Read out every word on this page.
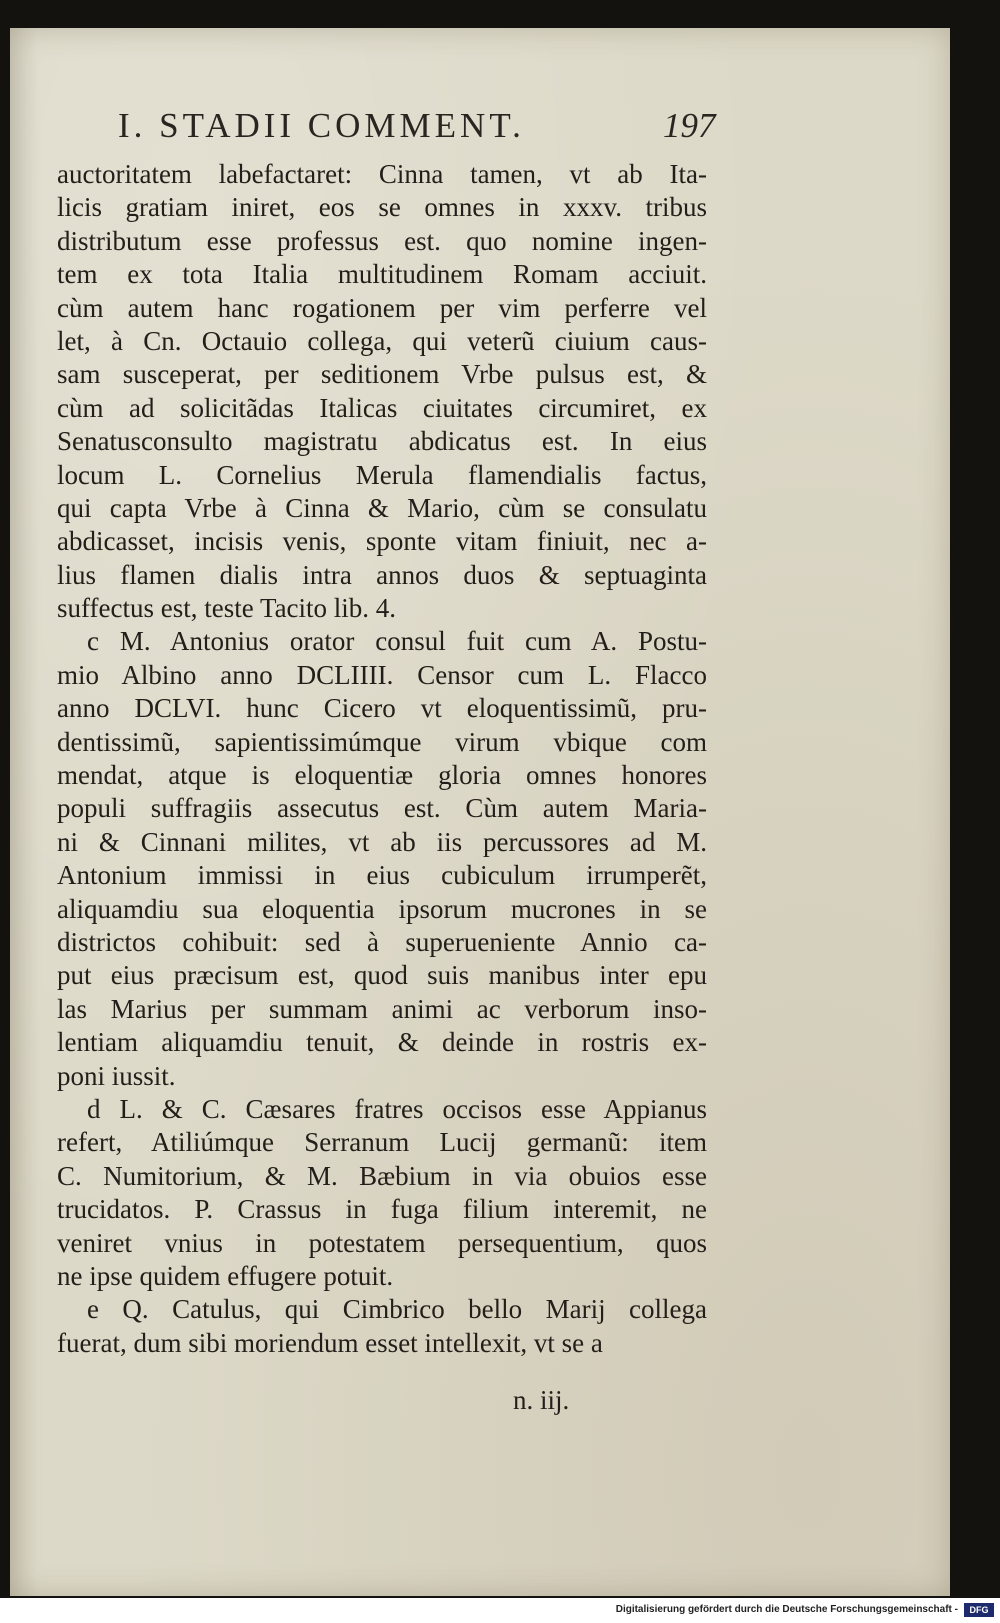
I. STADII COMMENT.	197
auctoritatem labefactaret: Cinna tamen, vt ab Ita-
licis gratiam iniret, eos se omnes in xxxv. tribus
distributum esse professus est. quo nomine ingen-
tem ex tota Italia multitudinem Romam acciuit.
cùm autem hanc rogationem per vim perferre vel
let, à Cn. Octauio collega, qui veterũ ciuium caus-
sam susceperat, per seditionem Vrbe pulsus est, &
cùm ad solicitãdas Italicas ciuitates circumiret, ex
Senatusconsulto magistratu abdicatus est. In eius
locum L. Cornelius Merula flamendialis factus,
qui capta Vrbe à Cinna & Mario, cùm se consulatu
abdicasset, incisis venis, sponte vitam finiuit, nec a-
lius flamen dialis intra annos duos & septuaginta
suffectus est, teste Tacito lib. 4.
c M. Antonius orator consul fuit cum A. Postu-
mio Albino anno DCLIIII. Censor cum L. Flacco
anno DCLVI. hunc Cicero vt eloquentissimũ, pru-
dentissimũ, sapientissimúmque virum vbique com
mendat, atque is eloquentiæ gloria omnes honores
populi suffragiis assecutus est. Cùm autem Maria-
ni & Cinnani milites, vt ab iis percussores ad M.
Antonium immissi in eius cubiculum irrumperẽt,
aliquamdiu sua eloquentia ipsorum mucrones in se
districtos cohibuit: sed à superueniente Annio ca-
put eius præcisum est, quod suis manibus inter epu
las Marius per summam animi ac verborum inso-
lentiam aliquamdiu tenuit, & deinde in rostris ex-
poni iussit.
d L. & C. Cæsares fratres occisos esse Appianus
refert, Atiliúmque Serranum Lucij germanũ: item
C. Numitorium, & M. Bæbium in via obuios esse
trucidatos. P. Crassus in fuga filium interemit, ne
veniret vnius in potestatem persequentium, quos
ne ipse quidem effugere potuit.
e Q. Catulus, qui Cimbrico bello Marij collega
fuerat, dum sibi moriendum esset intellexit, vt se a
n. iij.
Digitalisierung gefördert durch die Deutsche Forschungsgemeinschaft -	DFG
